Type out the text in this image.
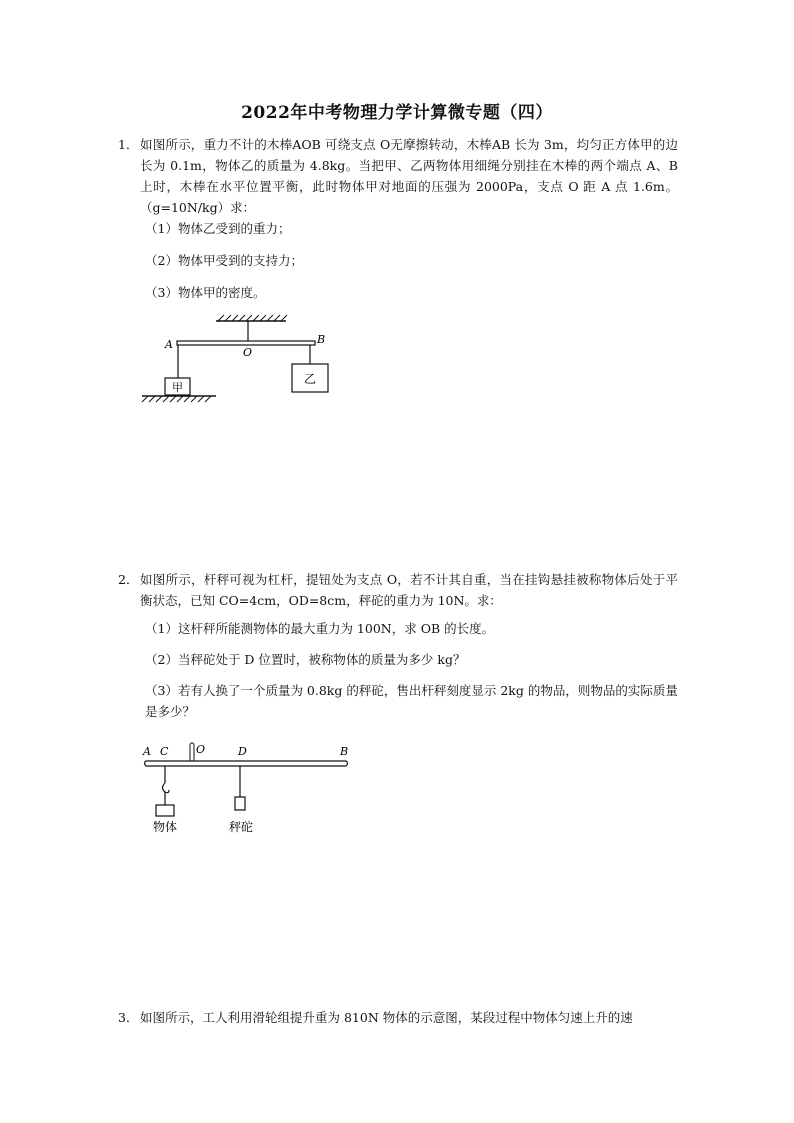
2022年中考物理力学计算微专题（四）
1． 如图所示，重力不计的木棒AOB 可绕支点 O无摩擦转动，木棒AB 长为 3m，均匀正方体甲的边长为 0.1m，物体乙的质量为 4.8kg。当把甲、乙两物体用细绳分别挂在木棒的两个端点 A、B 上时，木棒在水平位置平衡，此时物体甲对地面的压强为 2000Pa，支点 O 距 A 点 1.6m。（g=10N/kg）求：
（1）物体乙受到的重力；
（2）物体甲受到的支持力；
（3）物体甲的密度。
A
O
B
甲
乙
2． 如图所示，杆秤可视为杠杆，提钮处为支点 O，若不计其自重，当在挂钩悬挂被称物体后处于平衡状态，已知 CO=4cm，OD=8cm，秤砣的重力为 10N。求：
（1）这杆秤所能测物体的最大重力为 100N，求 OB 的长度。
（2）当秤砣处于 D 位置时，被称物体的质量为多少 kg？
（3）若有人换了一个质量为 0.8kg 的秤砣，售出杆秤刻度显示 2kg 的物品，则物品的实际质量是多少？
A C	O	D	B
物体	秤砣
3． 如图所示，工人利用滑轮组提升重为 810N 物体的示意图，某段过程中物体匀速上升的速
